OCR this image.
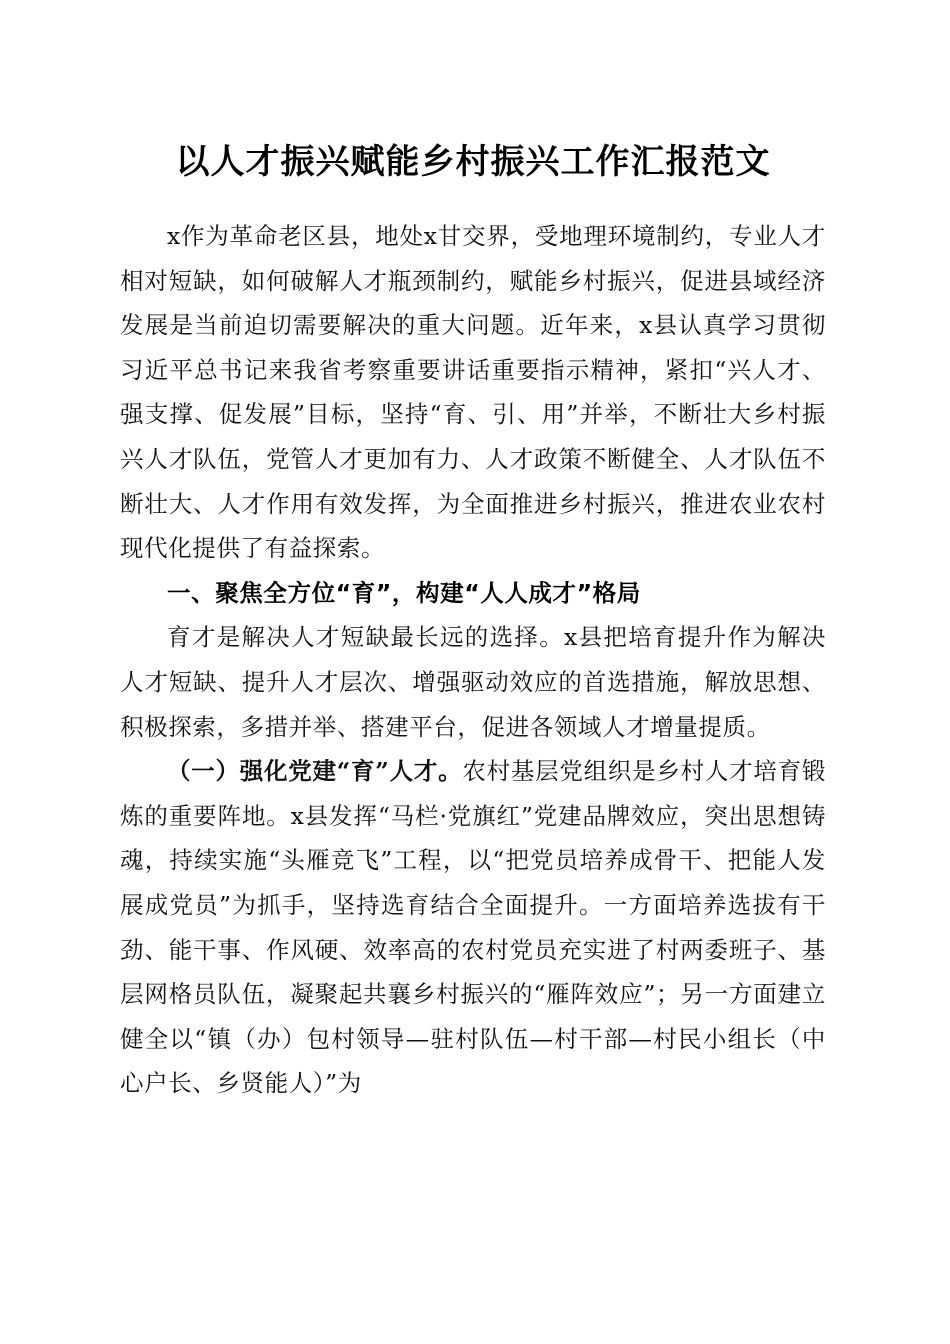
以人才振兴赋能乡村振兴工作汇报范文

x作为革命老区县，地处x甘交界，受地理环境制约，专业人才相对短缺，如何破解人才瓶颈制约，赋能乡村振兴，促进县域经济发展是当前迫切需要解决的重大问题。近年来，x县认真学习贯彻习近平总书记来我省考察重要讲话重要指示精神，紧扣“兴人才、强支撑、促发展”目标，坚持“育、引、用”并举，不断壮大乡村振兴人才队伍，党管人才更加有力、人才政策不断健全、人才队伍不断壮大、人才作用有效发挥，为全面推进乡村振兴，推进农业农村现代化提供了有益探索。

一、聚焦全方位“育”，构建“人人成才”格局

育才是解决人才短缺最长远的选择。x县把培育提升作为解决人才短缺、提升人才层次、增强驱动效应的首选措施，解放思想、积极探索，多措并举、搭建平台，促进各领域人才增量提质。

（一）强化党建“育”人才。农村基层党组织是乡村人才培育锻炼的重要阵地。x县发挥“马栏·党旗红”党建品牌效应，突出思想铸魂，持续实施“头雁竞飞”工程，以“把党员培养成骨干、把能人发展成党员”为抓手，坚持选育结合全面提升。一方面培养选拔有干劲、能干事、作风硬、效率高的农村党员充实进了村两委班子、基层网格员队伍，凝聚起共襄乡村振兴的“雁阵效应”；另一方面建立健全以“镇（办）包村领导—驻村队伍—村干部—村民小组长（中心户长、乡贤能人）”为
